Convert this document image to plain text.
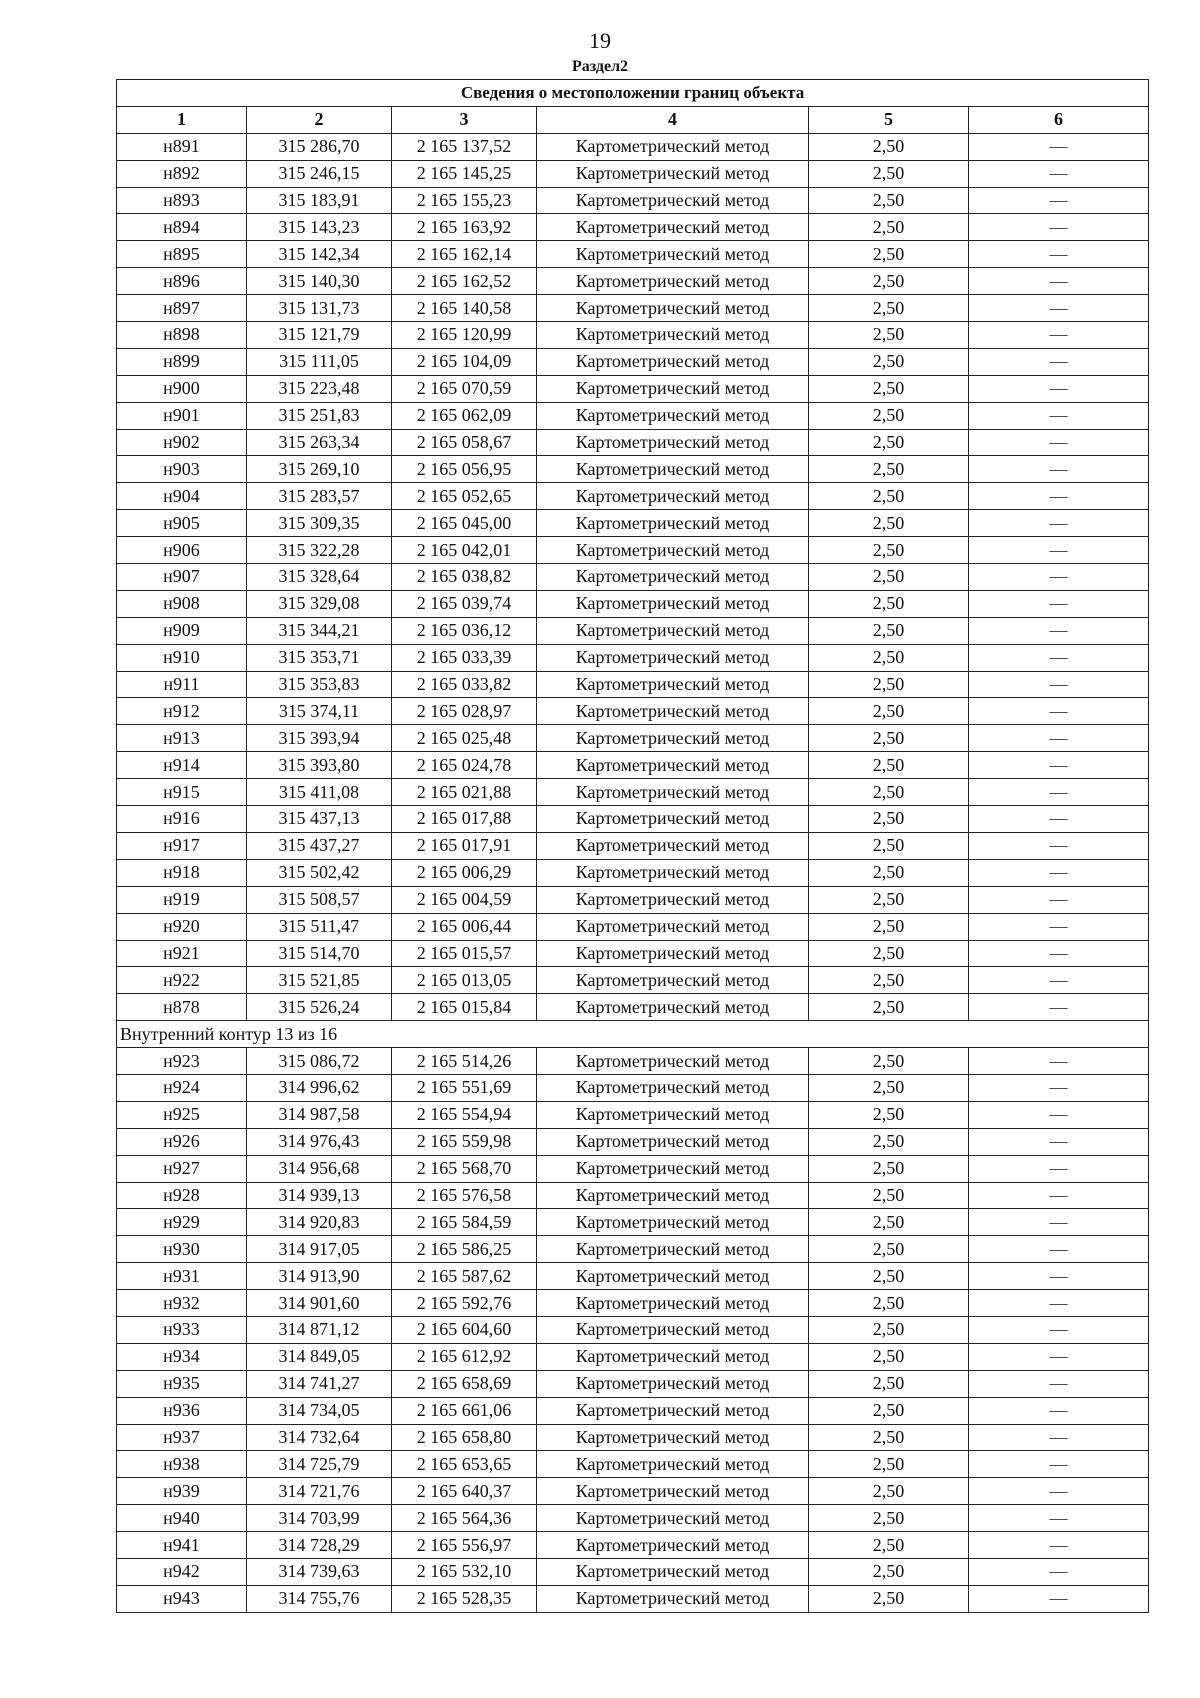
19
Раздел2
Сведения о местоположении границ объекта					
1	2	3	4	5	6
н891	315 286,70	2 165 137,52	Картометрический метод	2,50	—
н892	315 246,15	2 165 145,25	Картометрический метод	2,50	—
н893	315 183,91	2 165 155,23	Картометрический метод	2,50	—
н894	315 143,23	2 165 163,92	Картометрический метод	2,50	—
н895	315 142,34	2 165 162,14	Картометрический метод	2,50	—
н896	315 140,30	2 165 162,52	Картометрический метод	2,50	—
н897	315 131,73	2 165 140,58	Картометрический метод	2,50	—
н898	315 121,79	2 165 120,99	Картометрический метод	2,50	—
н899	315 111,05	2 165 104,09	Картометрический метод	2,50	—
н900	315 223,48	2 165 070,59	Картометрический метод	2,50	—
н901	315 251,83	2 165 062,09	Картометрический метод	2,50	—
н902	315 263,34	2 165 058,67	Картометрический метод	2,50	—
н903	315 269,10	2 165 056,95	Картометрический метод	2,50	—
н904	315 283,57	2 165 052,65	Картометрический метод	2,50	—
н905	315 309,35	2 165 045,00	Картометрический метод	2,50	—
н906	315 322,28	2 165 042,01	Картометрический метод	2,50	—
н907	315 328,64	2 165 038,82	Картометрический метод	2,50	—
н908	315 329,08	2 165 039,74	Картометрический метод	2,50	—
н909	315 344,21	2 165 036,12	Картометрический метод	2,50	—
н910	315 353,71	2 165 033,39	Картометрический метод	2,50	—
н911	315 353,83	2 165 033,82	Картометрический метод	2,50	—
н912	315 374,11	2 165 028,97	Картометрический метод	2,50	—
н913	315 393,94	2 165 025,48	Картометрический метод	2,50	—
н914	315 393,80	2 165 024,78	Картометрический метод	2,50	—
н915	315 411,08	2 165 021,88	Картометрический метод	2,50	—
н916	315 437,13	2 165 017,88	Картометрический метод	2,50	—
н917	315 437,27	2 165 017,91	Картометрический метод	2,50	—
н918	315 502,42	2 165 006,29	Картометрический метод	2,50	—
н919	315 508,57	2 165 004,59	Картометрический метод	2,50	—
н920	315 511,47	2 165 006,44	Картометрический метод	2,50	—
н921	315 514,70	2 165 015,57	Картометрический метод	2,50	—
н922	315 521,85	2 165 013,05	Картометрический метод	2,50	—
н878	315 526,24	2 165 015,84	Картометрический метод	2,50	—
Внутренний контур 13 из 16					
н923	315 086,72	2 165 514,26	Картометрический метод	2,50	—
н924	314 996,62	2 165 551,69	Картометрический метод	2,50	—
н925	314 987,58	2 165 554,94	Картометрический метод	2,50	—
н926	314 976,43	2 165 559,98	Картометрический метод	2,50	—
н927	314 956,68	2 165 568,70	Картометрический метод	2,50	—
н928	314 939,13	2 165 576,58	Картометрический метод	2,50	—
н929	314 920,83	2 165 584,59	Картометрический метод	2,50	—
н930	314 917,05	2 165 586,25	Картометрический метод	2,50	—
н931	314 913,90	2 165 587,62	Картометрический метод	2,50	—
н932	314 901,60	2 165 592,76	Картометрический метод	2,50	—
н933	314 871,12	2 165 604,60	Картометрический метод	2,50	—
н934	314 849,05	2 165 612,92	Картометрический метод	2,50	—
н935	314 741,27	2 165 658,69	Картометрический метод	2,50	—
н936	314 734,05	2 165 661,06	Картометрический метод	2,50	—
н937	314 732,64	2 165 658,80	Картометрический метод	2,50	—
н938	314 725,79	2 165 653,65	Картометрический метод	2,50	—
н939	314 721,76	2 165 640,37	Картометрический метод	2,50	—
н940	314 703,99	2 165 564,36	Картометрический метод	2,50	—
н941	314 728,29	2 165 556,97	Картометрический метод	2,50	—
н942	314 739,63	2 165 532,10	Картометрический метод	2,50	—
н943	314 755,76	2 165 528,35	Картометрический метод	2,50	—
